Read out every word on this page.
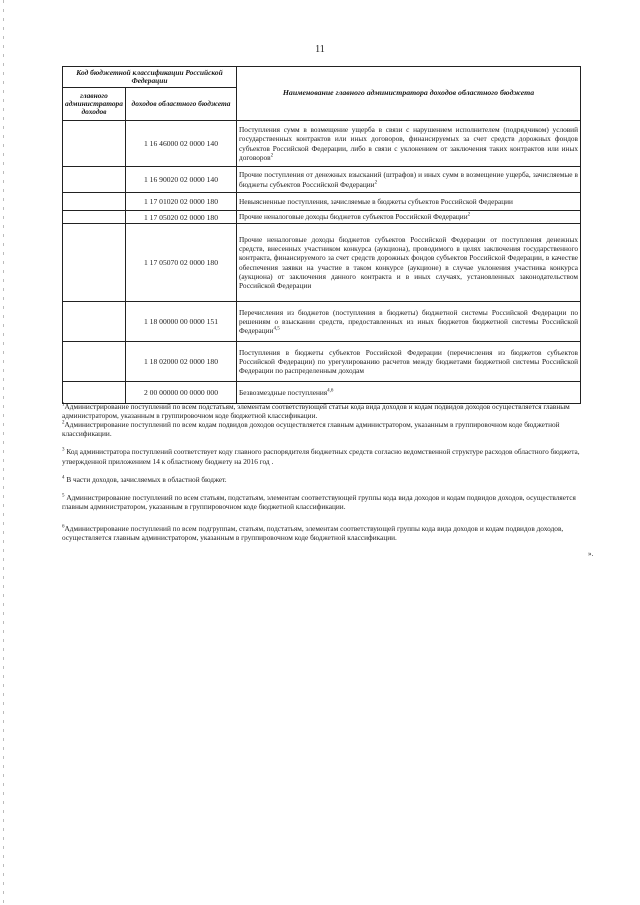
11
Код бюджетной классификации Российской Федерации		Наименование главного администратора доходов областного бюджета
главного администратора доходов	доходов областного бюджета	
	1 16 46000 02 0000 140	Поступления сумм в возмещение ущерба в связи с нарушением исполнителем (подрядчиком) условий государственных контрактов или иных договоров, финансируемых за счет средств дорожных фондов субъектов Российской Федерации, либо в связи с уклонением от заключения таких контрактов или иных договоров$^2$
	1 16 90020 02 0000 140	Прочие поступления от денежных взысканий (штрафов) и иных сумм в возмещение ущерба, зачисляемые в бюджеты субъектов Российской Федерации$^2$
	1 17 01020 02 0000 180	Невыясненные поступления, зачисляемые в бюджеты субъектов Российской Федерации
	1 17 05020 02 0000 180	Прочие неналоговые доходы бюджетов субъектов Российской Федерации$^2$
	1 17 05070 02 0000 180	Прочие неналоговые доходы бюджетов субъектов Российской Федерации от поступления денежных средств, внесенных участником конкурса (аукциона), проводимого в целях заключения государственного контракта, финансируемого за счет средств дорожных фондов субъектов Российской Федерации, в качестве обеспечения заявки на участие в таком конкурсе (аукционе) в случае уклонения участника конкурса (аукциона) от заключения данного контракта и в иных случаях, установленных законодательством Российской Федерации
	1 18 00000 00 0000 151	Перечисления из бюджетов (поступления в бюджеты) бюджетной системы Российской Федерации по решениям о взыскании средств, предоставленных из иных бюджетов бюджетной системы Российской Федерации$^{4,5}$
	1 18 02000 02 0000 180	Поступления в бюджеты субъектов Российской Федерации (перечисления из бюджетов субъектов Российской Федерации) по урегулированию расчетов между бюджетами бюджетной системы Российской Федерации по распределенным доходам
	2 00 00000 00 0000 000	Безвозмездные поступления$^{4,6}$

$^1$Администрирование поступлений по всем подстатьям, элементам соответствующей статьи кода вида доходов и кодам подвидов доходов осуществляется главным администратором, указанным в группировочном коде бюджетной классификации.

$^2$Администрирование поступлений по всем кодам подвидов доходов осуществляется главным администратором, указанным в группировочном коде бюджетной классификации.

$^3$ Код администратора поступлений соответствует коду главного распорядителя бюджетных средств согласно ведомственной структуре расходов областного бюджета, утвержденной приложением 14 к областному бюджету на 2016 год .

$^4$ В части доходов, зачисляемых в областной бюджет.

$^5$ Администрирование поступлений по всем статьям, подстатьям, элементам соответствующей группы кода вида доходов и кодам подвидов доходов, осуществляется главным администратором, указанным в группировочном коде бюджетной классификации.

$^6$Администрирование поступлений по всем подгруппам, статьям, подстатьям, элементам соответствующей группы кода вида доходов и кодам подвидов доходов, осуществляется главным администратором, указанным в группировочном коде бюджетной классификации.

».
